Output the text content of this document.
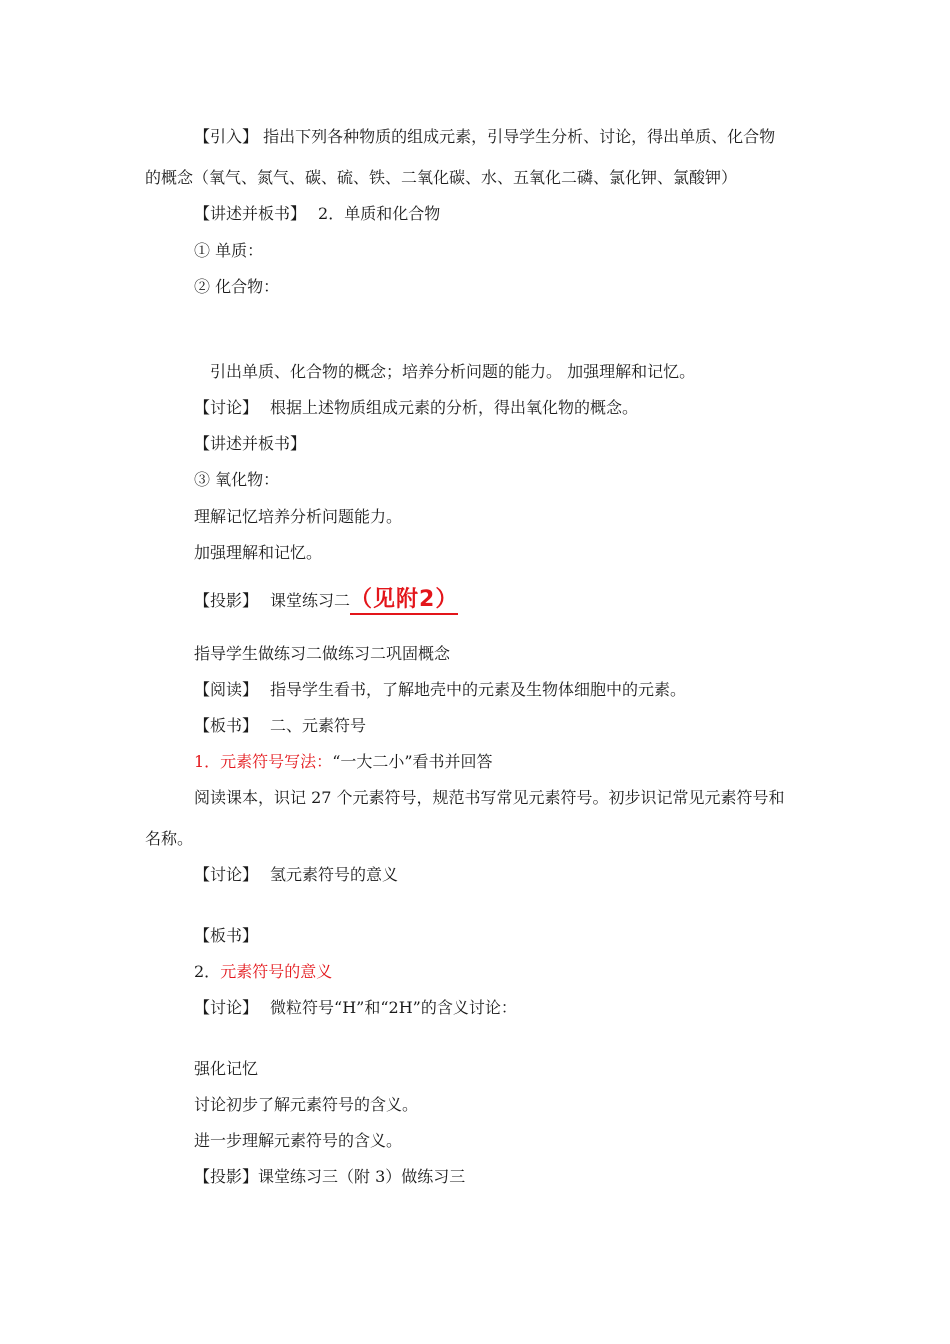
【引入】 指出下列各种物质的组成元素，引导学生分析、讨论，得出单质、化合物
的概念（氧气、氮气、碳、硫、铁、二氧化碳、水、五氧化二磷、氯化钾、氯酸钾）
【讲述并板书】 2．单质和化合物
① 单质：
② 化合物：
引出单质、化合物的概念；培养分析问题的能力。 加强理解和记忆。
【讨论】 根据上述物质组成元素的分析，得出氧化物的概念。
【讲述并板书】
③ 氧化物：
理解记忆培养分析问题能力。
加强理解和记忆。
【投影】 课堂练习二（见附2）
指导学生做练习二做练习二巩固概念
【阅读】 指导学生看书，了解地壳中的元素及生物体细胞中的元素。
【板书】 二、元素符号
1．元素符号写法：“一大二小”看书并回答
阅读课本，识记 27 个元素符号，规范书写常见元素符号。初步识记常见元素符号和
名称。
【讨论】 氢元素符号的意义
【板书】
2．元素符号的意义
【讨论】 微粒符号“H”和“2H”的含义讨论：
强化记忆
讨论初步了解元素符号的含义。
进一步理解元素符号的含义。
【投影】课堂练习三（附 3）做练习三
